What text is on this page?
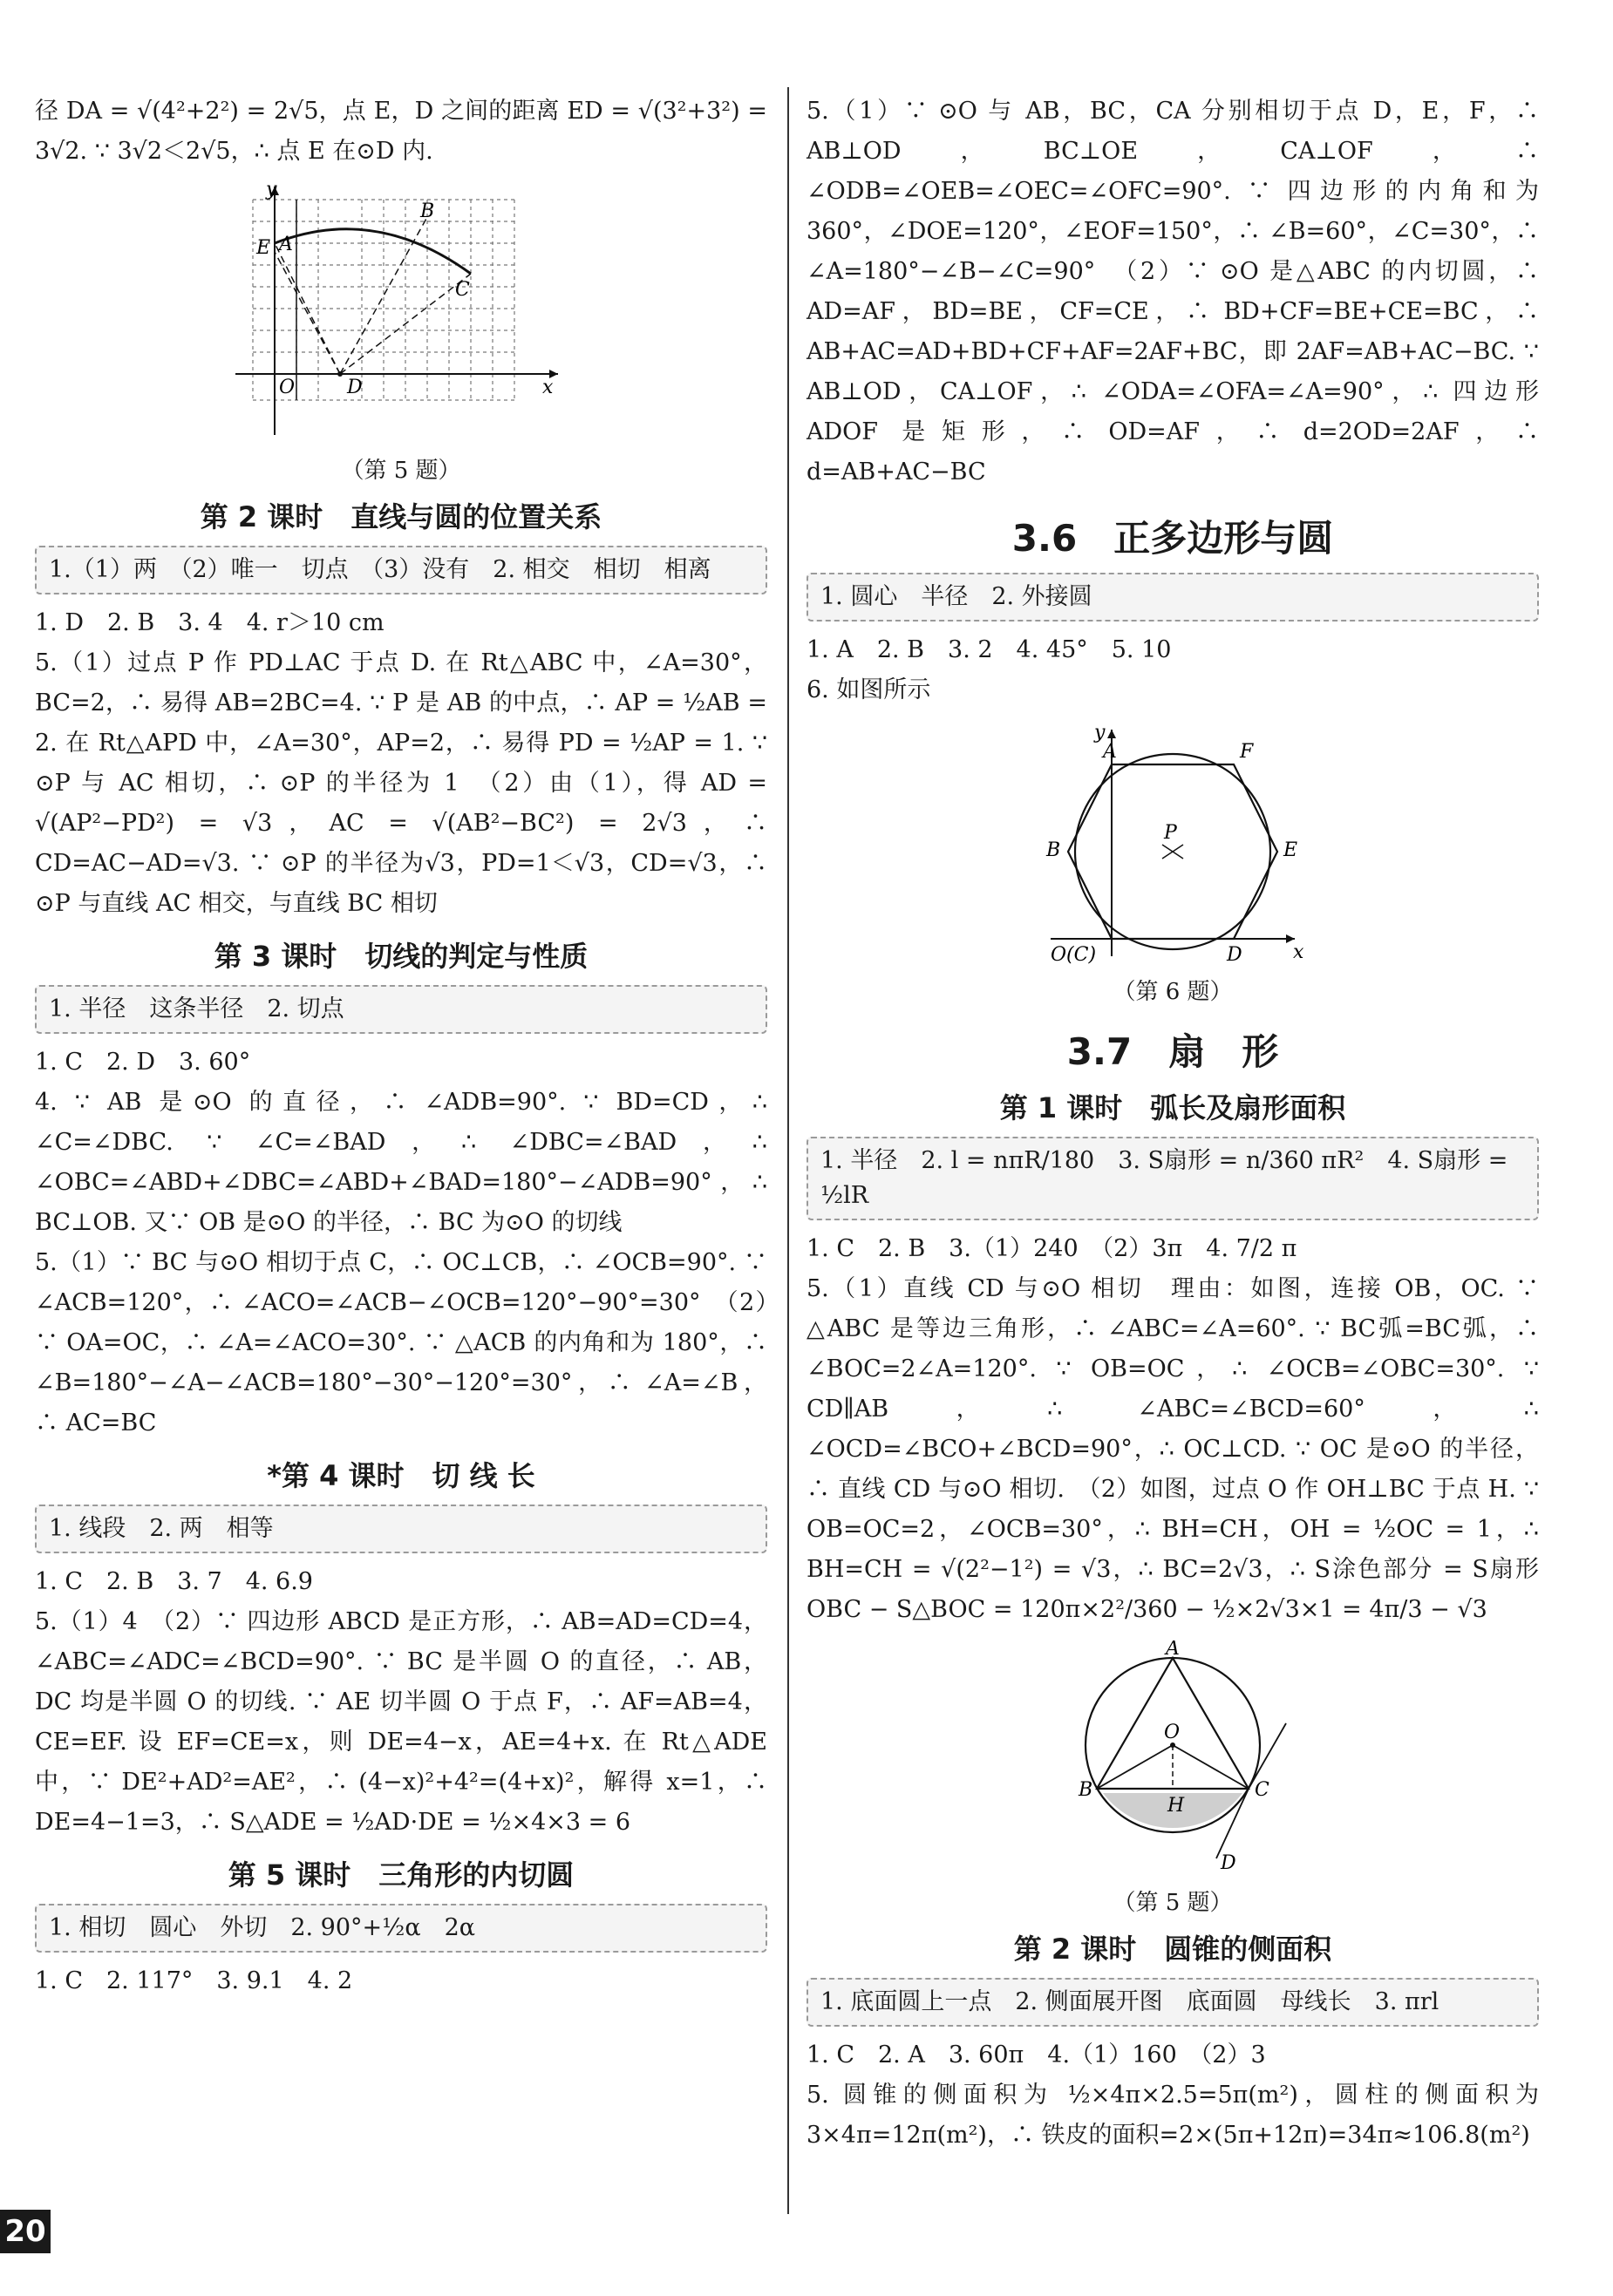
径 DA = √(4²+2²) = 2√5，点 E，D 之间的距离 ED = √(3²+3²) = 3√2. ∵ 3√2＜2√5，∴ 点 E 在⊙D 内.

y
x
A
B
C
D
E
O
（第 5 题）
第 2 课时　直线与圆的位置关系
1.（1）两　（2）唯一　切点　（3）没有　2. 相交　相切　相离

1. D　2. B　3. 4　4. r＞10 cm

5.（1）过点 P 作 PD⊥AC 于点 D. 在 Rt△ABC 中，∠A=30°，BC=2，∴ 易得 AB=2BC=4. ∵ P 是 AB 的中点，∴ AP = ½AB = 2. 在 Rt△APD 中，∠A=30°，AP=2，∴ 易得 PD = ½AP = 1. ∵ ⊙P 与 AC 相切，∴ ⊙P 的半径为 1　（2）由（1），得 AD = √(AP²−PD²) = √3，AC = √(AB²−BC²) = 2√3，∴ CD=AC−AD=√3. ∵ ⊙P 的半径为√3，PD=1＜√3，CD=√3，∴ ⊙P 与直线 AC 相交，与直线 BC 相切

第 3 课时　切线的判定与性质
1. 半径　这条半径　2. 切点

1. C　2. D　3. 60°

4. ∵ AB 是⊙O 的直径，∴ ∠ADB=90°. ∵ BD=CD，∴ ∠C=∠DBC. ∵ ∠C=∠BAD，∴ ∠DBC=∠BAD，∴ ∠OBC=∠ABD+∠DBC=∠ABD+∠BAD=180°−∠ADB=90°，∴ BC⊥OB. 又∵ OB 是⊙O 的半径，∴ BC 为⊙O 的切线

5.（1）∵ BC 与⊙O 相切于点 C，∴ OC⊥CB，∴ ∠OCB=90°. ∵ ∠ACB=120°，∴ ∠ACO=∠ACB−∠OCB=120°−90°=30°　（2）∵ OA=OC，∴ ∠A=∠ACO=30°. ∵ △ACB 的内角和为 180°，∴ ∠B=180°−∠A−∠ACB=180°−30°−120°=30°，∴ ∠A=∠B，∴ AC=BC

*第 4 课时　切 线 长
1. 线段　2. 两　相等

1. C　2. B　3. 7　4. 6.9

5.（1）4　（2）∵ 四边形 ABCD 是正方形，∴ AB=AD=CD=4，∠ABC=∠ADC=∠BCD=90°. ∵ BC 是半圆 O 的直径，∴ AB，DC 均是半圆 O 的切线. ∵ AE 切半圆 O 于点 F，∴ AF=AB=4，CE=EF. 设 EF=CE=x，则 DE=4−x，AE=4+x. 在 Rt△ADE 中，∵ DE²+AD²=AE²，∴ (4−x)²+4²=(4+x)²，解得 x=1，∴ DE=4−1=3，∴ S△ADE = ½AD·DE = ½×4×3 = 6

第 5 课时　三角形的内切圆
1. 相切　圆心　外切　2. 90°+½α　2α

1. C　2. 117°　3. 9.1　4. 2

5.（1）∵ ⊙O 与 AB，BC，CA 分别相切于点 D，E，F，∴ AB⊥OD，BC⊥OE，CA⊥OF，∴ ∠ODB=∠OEB=∠OEC=∠OFC=90°. ∵ 四边形的内角和为 360°，∠DOE=120°，∠EOF=150°，∴ ∠B=60°，∠C=30°，∴ ∠A=180°−∠B−∠C=90°　（2）∵ ⊙O 是△ABC 的内切圆，∴ AD=AF，BD=BE，CF=CE，∴ BD+CF=BE+CE=BC，∴ AB+AC=AD+BD+CF+AF=2AF+BC，即 2AF=AB+AC−BC. ∵ AB⊥OD，CA⊥OF，∴ ∠ODA=∠OFA=∠A=90°，∴ 四边形 ADOF 是矩形，∴ OD=AF，∴ d=2OD=2AF，∴ d=AB+AC−BC

3.6　正多边形与圆
1. 圆心　半径　2. 外接圆

1. A　2. B　3. 2　4. 45°　5. 10

6. 如图所示

A	F
B	E
P
O(C)	D	x
y
（第 6 题）
3.7　扇　形
第 1 课时　弧长及扇形面积
1. 半径　2. l = nπR/180　3. S扇形 = n/360 πR²　4. S扇形 = ½lR

1. C　2. B　3.（1）240　（2）3π　4. 7/2 π

5.（1）直线 CD 与⊙O 相切　理由：如图，连接 OB，OC. ∵ △ABC 是等边三角形，∴ ∠ABC=∠A=60°. ∵ BC弧=BC弧，∴ ∠BOC=2∠A=120°. ∵ OB=OC，∴ ∠OCB=∠OBC=30°. ∵ CD∥AB，∴ ∠ABC=∠BCD=60°，∴ ∠OCD=∠BCO+∠BCD=90°，∴ OC⊥CD. ∵ OC 是⊙O 的半径，∴ 直线 CD 与⊙O 相切.　（2）如图，过点 O 作 OH⊥BC 于点 H. ∵ OB=OC=2，∠OCB=30°，∴ BH=CH，OH = ½OC = 1，∴ BH=CH = √(2²−1²) = √3，∴ BC=2√3，∴ S涂色部分 = S扇形OBC − S△BOC = 120π×2²/360 − ½×2√3×1 = 4π/3 − √3

A
B	C
D
H
O
（第 5 题）
第 2 课时　圆锥的侧面积
1. 底面圆上一点　2. 侧面展开图　底面圆　母线长　3. πrl

1. C　2. A　3. 60π　4.（1）160　（2）3

5. 圆锥的侧面积为 ½×4π×2.5=5π(m²)，圆柱的侧面积为 3×4π=12π(m²)，∴ 铁皮的面积=2×(5π+12π)=34π≈106.8(m²)

20
